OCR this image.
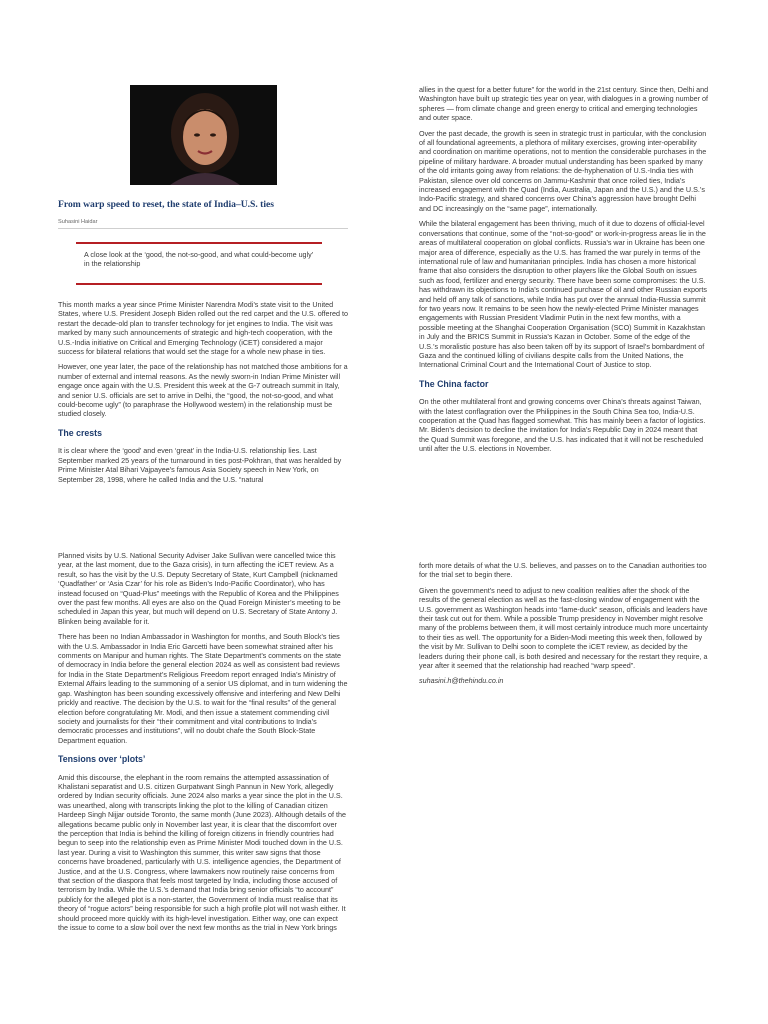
From warp speed to reset, the state of India–U.S. ties
Suhasini Haidar
A close look at the ‘good, the not-so-good, and what could-become ugly’ in the relationship

This month marks a year since Prime Minister Narendra Modi’s state visit to the United States, where U.S. President Joseph Biden rolled out the red carpet and the U.S. offered to restart the decade-old plan to transfer technology for jet engines to India. The visit was marked by many such announcements of strategic and high-tech cooperation, with the U.S.-India initiative on Critical and Emerging Technology (iCET) considered a major success for bilateral relations that would set the stage for a whole new phase in ties.

However, one year later, the pace of the relationship has not matched those ambitions for a number of external and internal reasons. As the newly sworn-in Indian Prime Minister will engage once again with the U.S. President this week at the G-7 outreach summit in Italy, and senior U.S. officials are set to arrive in Delhi, the “good, the not-so-good, and what could-become ugly” (to paraphrase the Hollywood western) in the relationship must be studied closely.

The crests

It is clear where the ‘good’ and even ‘great’ in the India-U.S. relationship lies. Last September marked 25 years of the turnaround in ties post-Pokhran, that was heralded by Prime Minister Atal Bihari Vajpayee’s famous Asia Society speech in New York, on September 28, 1998, where he called India and the U.S. “natural

allies in the quest for a better future” for the world in the 21st century. Since then, Delhi and Washington have built up strategic ties year on year, with dialogues in a growing number of spheres — from climate change and green energy to critical and emerging technologies and outer space.

Over the past decade, the growth is seen in strategic trust in particular, with the conclusion of all foundational agreements, a plethora of military exercises, growing inter-operability and coordination on maritime operations, not to mention the considerable purchases in the pipeline of military hardware. A broader mutual understanding has been sparked by many of the old irritants going away from relations: the de-hyphenation of U.S.-India ties with Pakistan, silence over old concerns on Jammu-Kashmir that once roiled ties, India’s increased engagement with the Quad (India, Australia, Japan and the U.S.) and the U.S.’s Indo-Pacific strategy, and shared concerns over China’s aggression have brought Delhi and DC increasingly on the “same page”, internationally.

While the bilateral engagement has been thriving, much of it due to dozens of official-level conversations that continue, some of the “not-so-good” or work-in-progress areas lie in the areas of multilateral cooperation on global conflicts. Russia’s war in Ukraine has been one major area of difference, especially as the U.S. has framed the war purely in terms of the international rule of law and humanitarian principles. India has chosen a more historical frame that also considers the disruption to other players like the Global South on issues such as food, fertilizer and energy security. There have been some compromises: the U.S. has withdrawn its objections to India’s continued purchase of oil and other Russian exports and held off any talk of sanctions, while India has put over the annual India-Russia summit for two years now. It remains to be seen how the newly-elected Prime Minister manages engagements with Russian President Vladimir Putin in the next few months, with a possible meeting at the Shanghai Cooperation Organisation (SCO) Summit in Kazakhstan in July and the BRICS Summit in Russia’s Kazan in October. Some of the edge of the U.S.’s moralistic posture has also been taken off by its support of Israel’s bombardment of Gaza and the continued killing of civilians despite calls from the United Nations, the International Criminal Court and the International Court of Justice to stop.

The China factor

On the other multilateral front and growing concerns over China’s threats against Taiwan, with the latest conflagration over the Philippines in the South China Sea too, India-U.S. cooperation at the Quad has flagged somewhat. This has mainly been a factor of logistics. Mr. Biden’s decision to decline the invitation for India’s Republic Day in 2024 meant that the Quad Summit was foregone, and the U.S. has indicated that it will not be rescheduled until after the U.S. elections in November.

Planned visits by U.S. National Security Adviser Jake Sullivan were cancelled twice this year, at the last moment, due to the Gaza crisis), in turn affecting the iCET review. As a result, so has the visit by the U.S. Deputy Secretary of State, Kurt Campbell (nicknamed ‘Quadfather’ or ‘Asia Czar’ for his role as Biden’s Indo-Pacific Coordinator), who has instead focused on “Quad-Plus” meetings with the Republic of Korea and the Philippines over the past few months. All eyes are also on the Quad Foreign Minister’s meeting to be scheduled in Japan this year, but much will depend on U.S. Secretary of State Antony J. Blinken being available for it.

There has been no Indian Ambassador in Washington for months, and South Block’s ties with the U.S. Ambassador in India Eric Garcetti have been somewhat strained after his comments on Manipur and human rights. The State Department’s comments on the state of democracy in India before the general election 2024 as well as consistent bad reviews for India in the State Department’s Religious Freedom report enraged India’s Ministry of External Affairs leading to the summoning of a senior US diplomat, and in turn widening the gap. Washington has been sounding excessively offensive and interfering and New Delhi prickly and reactive. The decision by the U.S. to wait for the “final results” of the general election before congratulating Mr. Modi, and then issue a statement commending civil society and journalists for their “their commitment and vital contributions to India’s democratic processes and institutions”, will no doubt chafe the South Block-State Department equation.

Tensions over ‘plots’

Amid this discourse, the elephant in the room remains the attempted assassination of Khalistani separatist and U.S. citizen Gurpatwant Singh Pannun in New York, allegedly ordered by Indian security officials. June 2024 also marks a year since the plot in the U.S. was unearthed, along with transcripts linking the plot to the killing of Canadian citizen Hardeep Singh Nijjar outside Toronto, the same month (June 2023). Although details of the allegations became public only in November last year, it is clear that the discomfort over the perception that India is behind the killing of foreign citizens in friendly countries had begun to seep into the relationship even as Prime Minister Modi touched down in the U.S. last year. During a visit to Washington this summer, this writer saw signs that those concerns have broadened, particularly with U.S. intelligence agencies, the Department of Justice, and at the U.S. Congress, where lawmakers now routinely raise concerns from that section of the diaspora that feels most targeted by India, including those accused of terrorism by India. While the U.S.’s demand that India bring senior officials “to account” publicly for the alleged plot is a non-starter, the Government of India must realise that its theory of “rogue actors” being responsible for such a high profile plot will not wash either. It should proceed more quickly with its high-level investigation. Either way, one can expect the issue to come to a slow boil over the next few months as the trial in New York brings

forth more details of what the U.S. believes, and passes on to the Canadian authorities too for the trial set to begin there.

Given the government’s need to adjust to new coalition realities after the shock of the results of the general election as well as the fast-closing window of engagement with the U.S. government as Washington heads into “lame-duck” season, officials and leaders have their task cut out for them. While a possible Trump presidency in November might resolve many of the problems between them, it will most certainly introduce much more uncertainty to their ties as well. The opportunity for a Biden-Modi meeting this week then, followed by the visit by Mr. Sullivan to Delhi soon to complete the iCET review, as decided by the leaders during their phone call, is both desired and necessary for the restart they require, a year after it seemed that the relationship had reached “warp speed”.

suhasini.h@thehindu.co.in
